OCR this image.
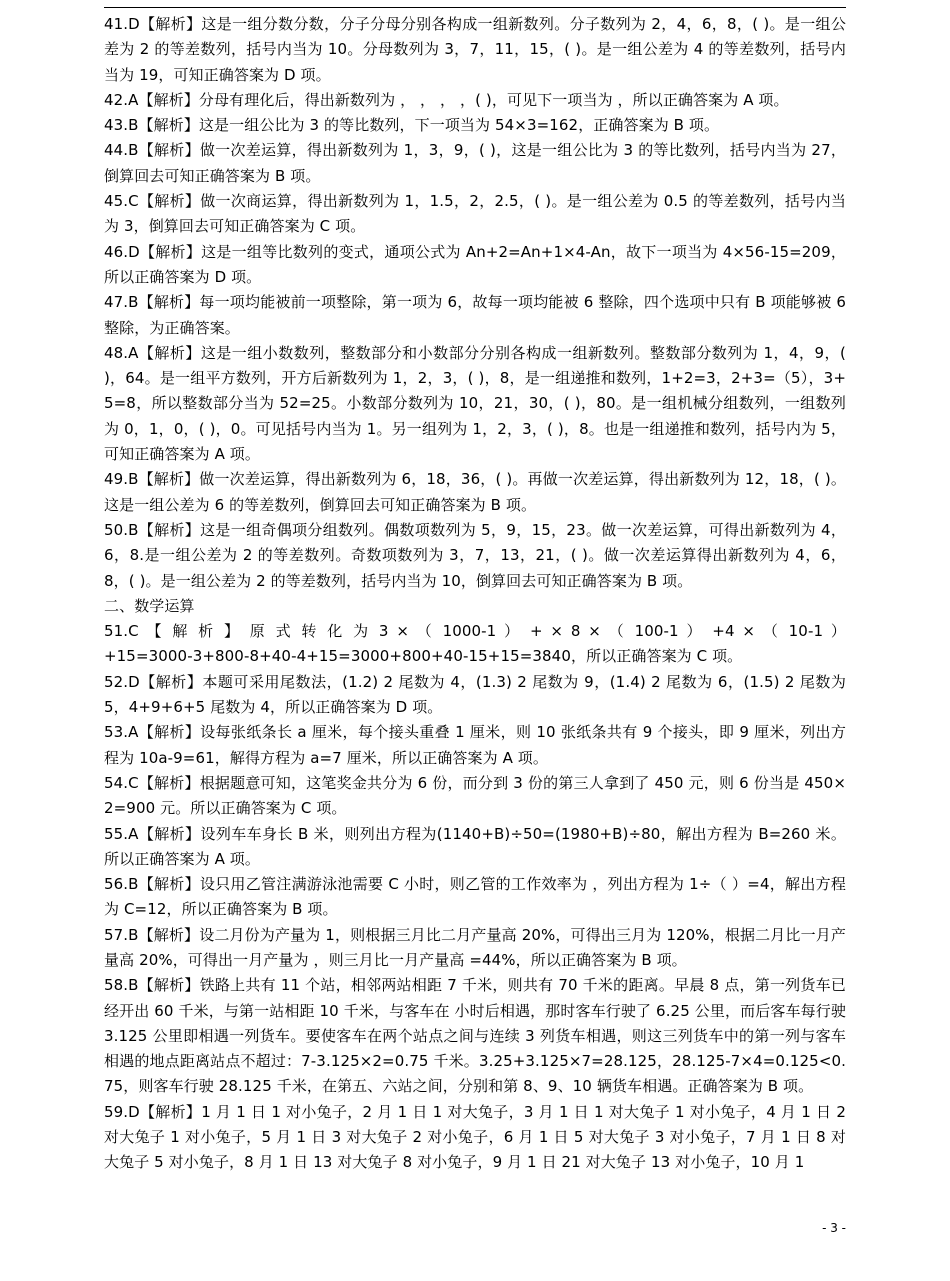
41.D【解析】这是一组分数分数，分子分母分别各构成一组新数列。分子数列为 2，4，6，8，( )。是一组公差为 2 的等差数列，括号内当为 10。分母数列为 3，7，11，15，( )。是一组公差为 4 的等差数列，括号内当为 19，可知正确答案为 D 项。

42.A【解析】分母有理化后，得出新数列为 ， ， ， ，( )，可见下一项当为 ，所以正确答案为 A 项。

43.B【解析】这是一组公比为 3 的等比数列，下一项当为 54×3=162，正确答案为 B 项。

44.B【解析】做一次差运算，得出新数列为 1，3，9，( )，这是一组公比为 3 的等比数列，括号内当为 27，倒算回去可知正确答案为 B 项。

45.C【解析】做一次商运算，得出新数列为 1，1.5，2，2.5，( )。是一组公差为 0.5 的等差数列，括号内当为 3，倒算回去可知正确答案为 C 项。

46.D【解析】这是一组等比数列的变式，通项公式为 An+2=An+1×4-An，故下一项当为 4×56-15=209，所以正确答案为 D 项。

47.B【解析】每一项均能被前一项整除，第一项为 6，故每一项均能被 6 整除，四个选项中只有 B 项能够被 6 整除，为正确答案。

48.A【解析】这是一组小数数列，整数部分和小数部分分别各构成一组新数列。整数部分数列为 1，4，9，( )，64。是一组平方数列，开方后新数列为 1，2，3，( )，8，是一组递推和数列，1+2=3，2+3=（5），3+5=8，所以整数部分当为 52=25。小数部分数列为 10，21，30，( )，80。是一组机械分组数列，一组数列为 0，1，0，( )，0。可见括号内当为 1。另一组列为 1，2，3，( )，8。也是一组递推和数列，括号内为 5，可知正确答案为 A 项。

49.B【解析】做一次差运算，得出新数列为 6，18，36，( )。再做一次差运算，得出新数列为 12，18，( )。这是一组公差为 6 的等差数列，倒算回去可知正确答案为 B 项。

50.B【解析】这是一组奇偶项分组数列。偶数项数列为 5，9，15，23。做一次差运算，可得出新数列为 4，6，8.是一组公差为 2 的等差数列。奇数项数列为 3，7，13，21，( )。做一次差运算得出新数列为 4，6，8，( )。是一组公差为 2 的等差数列，括号内当为 10，倒算回去可知正确答案为 B 项。

二、数学运算

51.C 【 解 析 】 原 式 转 化 为 3 × （ 1000-1 ） + × 8 × （ 100-1 ） +4 × （ 10-1 ）

+15=3000-3+800-8+40-4+15=3000+800+40-15+15=3840，所以正确答案为 C 项。

52.D【解析】本题可采用尾数法，(1.2) 2 尾数为 4，(1.3) 2 尾数为 9，(1.4) 2 尾数为 6，(1.5) 2 尾数为 5，4+9+6+5 尾数为 4，所以正确答案为 D 项。

53.A【解析】设每张纸条长 a 厘米，每个接头重叠 1 厘米，则 10 张纸条共有 9 个接头，即 9 厘米，列出方程为 10a-9=61，解得方程为 a=7 厘米，所以正确答案为 A 项。

54.C【解析】根据题意可知，这笔奖金共分为 6 份，而分到 3 份的第三人拿到了 450 元，则 6 份当是 450×2=900 元。所以正确答案为 C 项。

55.A【解析】设列车车身长 B 米，则列出方程为(1140+B)÷50=(1980+B)÷80，解出方程为 B=260 米。所以正确答案为 A 项。

56.B【解析】设只用乙管注满游泳池需要 C 小时，则乙管的工作效率为 ，列出方程为 1÷（ ）=4，解出方程为 C=12，所以正确答案为 B 项。

57.B【解析】设二月份为产量为 1，则根据三月比二月产量高 20%，可得出三月为 120%，根据二月比一月产量高 20%，可得出一月产量为 ，则三月比一月产量高 =44%，所以正确答案为 B 项。

58.B【解析】铁路上共有 11 个站，相邻两站相距 7 千米，则共有 70 千米的距离。早晨 8 点，第一列货车已经开出 60 千米，与第一站相距 10 千米，与客车在 小时后相遇，那时客车行驶了 6.25 公里，而后客车每行驶 3.125 公里即相遇一列货车。要使客车在两个站点之间与连续 3 列货车相遇，则这三列货车中的第一列与客车相遇的地点距离站点不超过：7-3.125×2=0.75 千米。3.25+3.125×7=28.125，28.125-7×4=0.125<0.75，则客车行驶 28.125 千米，在第五、六站之间，分别和第 8、9、10 辆货车相遇。正确答案为 B 项。

59.D【解析】1 月 1 日 1 对小兔子，2 月 1 日 1 对大兔子，3 月 1 日 1 对大兔子 1 对小兔子，4 月 1 日 2 对大兔子 1 对小兔子，5 月 1 日 3 对大兔子 2 对小兔子，6 月 1 日 5 对大兔子 3 对小兔子，7 月 1 日 8 对大兔子 5 对小兔子，8 月 1 日 13 对大兔子 8 对小兔子，9 月 1 日 21 对大兔子 13 对小兔子，10 月 1

- 3 -
